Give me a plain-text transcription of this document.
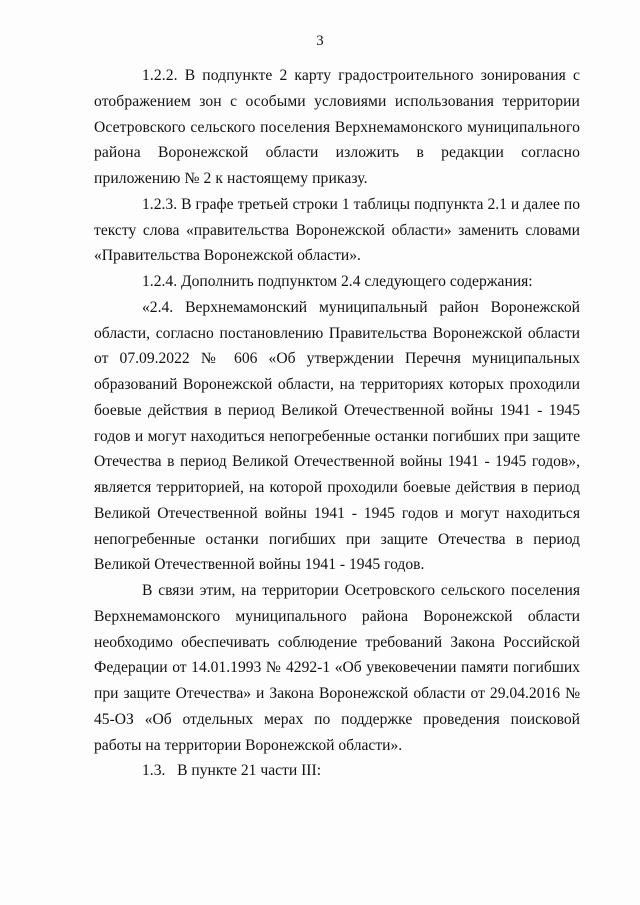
3

1.2.2. В подпункте 2 карту градостроительного зонирования с отображением зон с особыми условиями использования территории Осетровского сельского поселения Верхнемамонского муниципального района Воронежской области изложить в редакции согласно приложению № 2 к настоящему приказу.

1.2.3. В графе третьей строки 1 таблицы подпункта 2.1 и далее по тексту слова «правительства Воронежской области» заменить словами «Правительства Воронежской области».

1.2.4. Дополнить подпунктом 2.4 следующего содержания:

«2.4. Верхнемамонский муниципальный район Воронежской области, согласно постановлению Правительства Воронежской области от 07.09.2022 № 606 «Об утверждении Перечня муниципальных образований Воронежской области, на территориях которых проходили боевые действия в период Великой Отечественной войны 1941 - 1945 годов и могут находиться непогребенные останки погибших при защите Отечества в период Великой Отечественной войны 1941 - 1945 годов», является территорией, на которой проходили боевые действия в период Великой Отечественной войны 1941 - 1945 годов и могут находиться непогребенные останки погибших при защите Отечества в период Великой Отечественной войны 1941 - 1945 годов.

В связи этим, на территории Осетровского сельского поселения Верхнемамонского муниципального района Воронежской области необходимо обеспечивать соблюдение требований Закона Российской Федерации от 14.01.1993 № 4292-1 «Об увековечении памяти погибших при защите Отечества» и Закона Воронежской области от 29.04.2016 № 45-ОЗ «Об отдельных мерах по поддержке проведения поисковой работы на территории Воронежской области».

1.3.   В пункте 21 части III:
